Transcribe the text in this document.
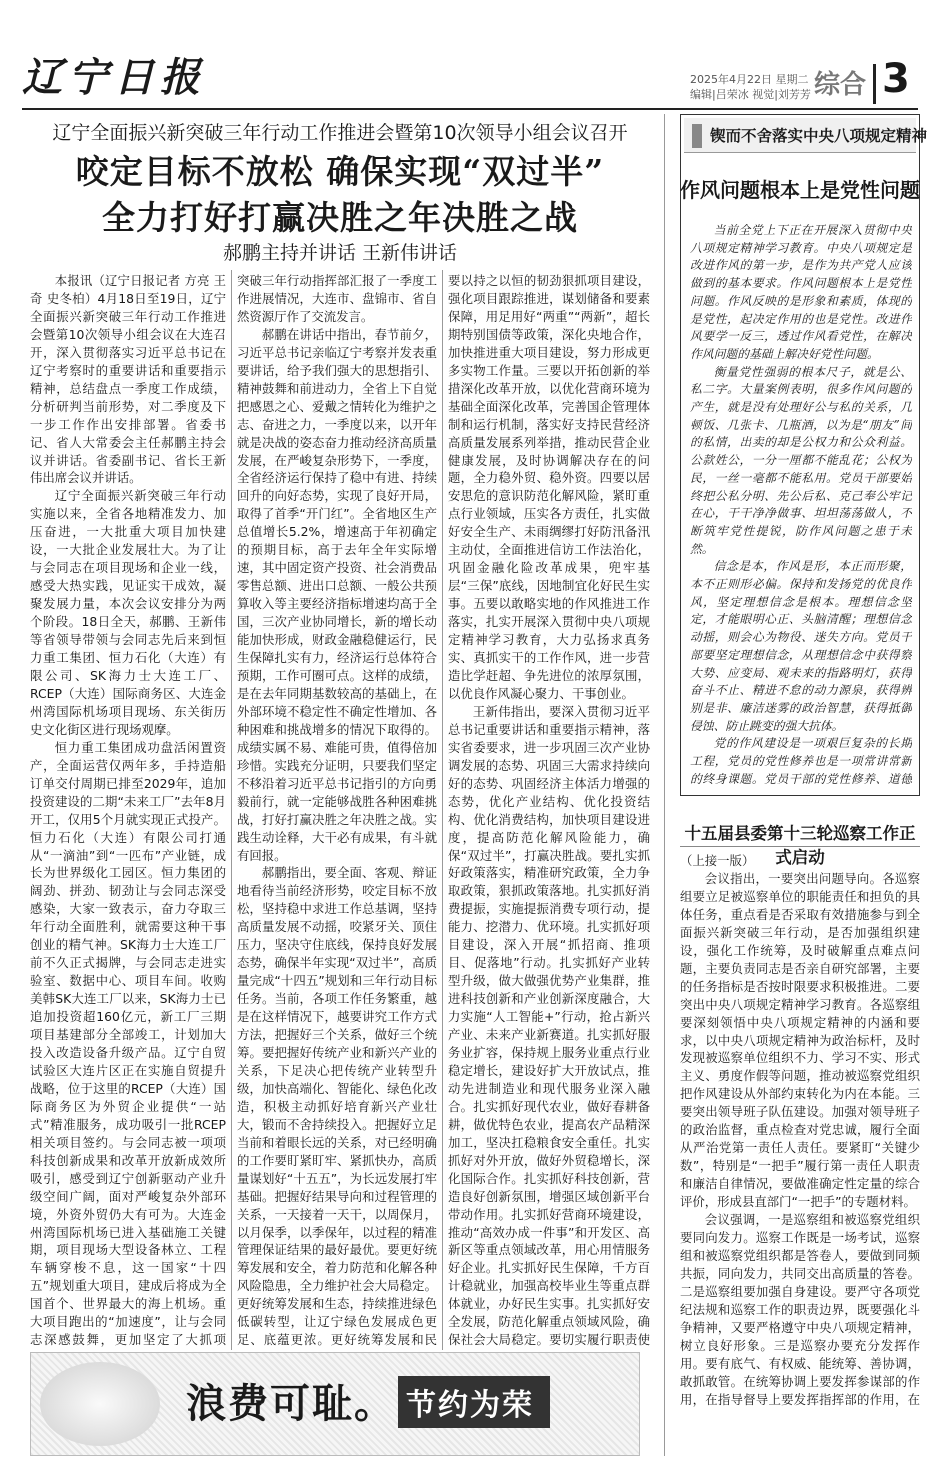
辽宁日报	2025年4月22日 星期二
编辑|吕荣冰 视觉|刘芳芳 综合 3
辽宁全面振兴新突破三年行动工作推进会暨第10次领导小组会议召开
咬定目标不放松 确保实现“双过半”
全力打好打赢决胜之年决胜之战
郝鹏主持并讲话 王新伟讲话

本报讯（辽宁日报记者 方亮 王奇 史冬柏）4月18日至19日，辽宁全面振兴新突破三年行动工作推进会暨第10次领导小组会议在大连召开，深入贯彻落实习近平总书记在辽宁考察时的重要讲话和重要指示精神，总结盘点一季度工作成绩，分析研判当前形势，对二季度及下一步工作作出安排部署。省委书记、省人大常委会主任郝鹏主持会议并讲话。省委副书记、省长王新伟出席会议并讲话。

辽宁全面振兴新突破三年行动实施以来，全省各地精准发力、加压奋进，一大批重大项目加快建设，一大批企业发展壮大。为了让与会同志在项目现场和企业一线，感受大热实践，见证实干成效，凝聚发展力量，本次会议安排分为两个阶段。18日全天，郝鹏、王新伟等省领导带领与会同志先后来到恒力重工集团、恒力石化（大连）有限公司、SK海力士大连工厂、RCEP（大连）国际商务区、大连金州湾国际机场项目现场、东关街历史文化街区进行现场观摩。

恒力重工集团成功盘活闲置资产，全面运营仅两年多，手持造船订单交付周期已排至2029年，追加投资建设的二期“未来工厂”去年8月开工，仅用5个月就实现正式投产。恒力石化（大连）有限公司打通从“一滴油”到“一匹布”产业链，成长为世界级化工园区。恒力集团的阔劲、拼劲、韧劲让与会同志深受感染，大家一致表示，奋力夺取三年行动全面胜利，就需要这种干事创业的精气神。SK海力士大连工厂前不久正式揭牌，与会同志走进实验室、数据中心、项目车间。收购美韩SK大连工厂以来，SK海力士已追加投资超160亿元，新工厂三期项目基建部分全部竣工，计划加大投入改造设备升级产品。辽宁自贸试验区大连片区正在实施自贸提升战略，位于这里的RCEP（大连）国际商务区为外贸企业提供“一站式”精准服务，成功吸引一批RCEP相关项目签约。与会同志被一项项科技创新成果和改革开放新成效所吸引，感受到辽宁创新驱动产业升级空间广阔，面对严峻复杂外部环境，外资外贸仍大有可为。大连金州湾国际机场已进入基础施工关键期，项目现场大型设备林立、工程车辆穿梭不息，这一国家“十四五”规划重大项目，建成后将成为全国首个、世界最大的海上机场。重大项目跑出的“加速度”，让与会同志深感鼓舞，更加坚定了大抓项

突破三年行动指挥部汇报了一季度工作进展情况，大连市、盘锦市、省自然资源厅作了交流发言。

郝鹏在讲话中指出，春节前夕，习近平总书记亲临辽宁考察并发表重要讲话，给予我们强大的思想指引、精神鼓舞和前进动力，全省上下自觉把感恩之心、爱戴之情转化为维护之志、奋进之力，一季度以来，以开年就是决战的姿态奋力推动经济高质量发展，在严峻复杂形势下，一季度，全省经济运行保持了稳中有进、持续回升的向好态势，实现了良好开局，取得了首季“开门红”。全省地区生产总值增长5.2%，增速高于年初确定的预期目标，高于去年全年实际增速，其中固定资产投资、社会消费品零售总额、进出口总额、一般公共预算收入等主要经济指标增速均高于全国，三次产业协同增长，新的增长动能加快形成，财政金融稳健运行，民生保障扎实有力，经济运行总体符合预期，工作可圈可点。这样的成绩，是在去年同期基数较高的基础上，在外部环境不稳定性不确定性增加、各种困难和挑战增多的情况下取得的。成绩实属不易、难能可贵，值得倍加珍惜。实践充分证明，只要我们坚定不移沿着习近平总书记指引的方向勇毅前行，就一定能够战胜各种困难挑战，打好打赢决胜之年决胜之战。实践生动诠释，大干必有成果，有斗就有回报。

郝鹏指出，要全面、客观、辩证地看待当前经济形势，咬定目标不放松，坚持稳中求进工作总基调，坚持高质量发展不动摇，咬紧牙关、顶住压力，坚决守住底线，保持良好发展态势，确保半年实现“双过半”，高质量完成“十四五”规划和三年行动目标任务。当前，各项工作任务繁重，越是在这样情况下，越要讲究工作方式方法，把握好三个关系，做好三个统筹。要把握好传统产业和新兴产业的关系，下足决心把传统产业转型升级，加快高端化、智能化、绿色化改造，积极主动抓好培育新兴产业壮大，锻而不舍持续投入。把握好立足当前和着眼长远的关系，对已经明确的工作要盯紧盯牢、紧抓快办，高质量谋划好“十五五”，为长远发展打牢基础。把握好结果导向和过程管理的关系，一天接着一天干，以周保月，以月保季，以季保年，以过程的精准管理保证结果的最好最优。要更好统筹发展和安全，着力防范和化解各种风险隐患，全力维护社会大局稳定。更好统筹发展和生态，持续推进绿色低碳转型，让辽宁绿色发展成色更足、底蕴更浓。更好统筹发展和民

要以持之以恒的韧劲狠抓项目建设，强化项目跟踪推进，谋划储备和要素保障，用足用好“两重”“两新”，超长期特别国债等政策，深化央地合作，加快推进重大项目建设，努力形成更多实物工作量。三要以开拓创新的举措深化改革开放，以优化营商环境为基础全面深化改革，完善国企管理体制和运行机制，落实好支持民营经济高质量发展系列举措，推动民营企业健康发展，及时协调解决存在的问题，全力稳外贸、稳外资。四要以居安思危的意识防范化解风险，紧盯重点行业领域，压实各方责任，扎实做好安全生产、未雨绸缪打好防汛备汛主动仗，全面推进信访工作法治化，巩固金融化险改革成果，兜牢基层“三保”底线，因地制宜化好民生实事。五要以敢略实地的作风推进工作落实，扎实开展深入贯彻中央八项规定精神学习教育，大力弘扬求真务实、真抓实干的工作作风，进一步营造比学赶超、争先进位的浓厚氛围，以优良作风凝心聚力、干事创业。

王新伟指出，要深入贯彻习近平总书记重要讲话和重要指示精神，落实省委要求，进一步巩固三次产业协调发展的态势、巩固三大需求持续向好的态势、巩固经济主体活力增强的态势，优化产业结构、优化投资结构、优化消费结构，加快项目建设进度，提高防范化解风险能力，确保“双过半”，打赢决胜战。要扎实抓好政策落实，精准研究政策，全力争取政策，狠抓政策落地。扎实抓好消费提振，实施提振消费专项行动，提能力、挖潜力、优环境。扎实抓好项目建设，深入开展“抓招商、推项目、促落地”行动。扎实抓好产业转型升级，做大做强优势产业集群，推进科技创新和产业创新深度融合，大力实施“人工智能+”行动，抢占新兴产业、未来产业新赛道。扎实抓好服务业扩容，保持规上服务业重点行业稳定增长，建设好扩大开放试点，推动先进制造业和现代服务业深入融合。扎实抓好现代农业，做好春耕备耕，做优特色农业，提高农产品精深加工，坚决扛稳粮食安全重任。扎实抓好对外开放，做好外贸稳增长，深化国际合作。扎实抓好科技创新，营造良好创新氛围，增强区域创新平台带动作用。扎实抓好营商环境建设，推动“高效办成一件事”和开发区、高新区等重点领域改革，用心用情服务好企业。扎实抓好民生保障，千方百计稳就业，加强高校毕业生等重点群体就业，办好民生实事。扎实抓好安全发展，防范化解重点领域风险，确保社会大局稳定。要切实履行职责使

锲而不舍落实中央八项规定精神
作风问题根本上是党性问题

当前全党上下正在开展深入贯彻中央八项规定精神学习教育。中央八项规定是改进作风的第一步，是作为共产党人应该做到的基本要求。作风问题根本上是党性问题。作风反映的是形象和素质，体现的是党性，起决定作用的也是党性。改进作风要学一反三，透过作风看党性，在解决作风问题的基础上解决好党性问题。

衡量党性强弱的根本尺子，就是公、私二字。大量案例表明，很多作风问题的产生，就是没有处理好公与私的关系，几顿饭、几张卡、几瓶酒，以为是“朋友”间的私情，出卖的却是公权力和公众利益。公款姓公，一分一厘都不能乱花；公权为民，一丝一毫都不能私用。党员干部要始终把公私分明、先公后私、克己奉公牢记在心，干干净净做事、坦坦荡荡做人，不断筑牢党性提锐，防作风问题之患于未然。

信念是本，作风是形，本正而形聚，本不正则形必偏。保持和发扬党的优良作风，坚定理想信念是根本。理想信念坚定，才能眼明心正、头脑清醒；理想信念动摇，则会心为物役、迷失方向。党员干部要坚定理想信念，从理想信念中获得察大势、应变局、观未来的指路明灯，获得奋斗不止、精进不怠的动力源泉，获得辨别是非、廉洁迷雾的政治智慧，获得抵御侵蚀、防止跳变的强大抗体。

党的作风建设是一项艰巨复杂的长期工程，党员的党性修养也是一项常讲常新的终身课题。党员干部的党性修养、道德

十五届县委第十三轮巡察工作正式启动

（上接一版）

会议指出，一要突出问题导向。各巡察组要立足被巡察单位的职能责任和担负的具体任务，重点看是否采取有效措施参与到全面振兴新突破三年行动，是否加强组织建设，强化工作统筹，及时破解重点难点问题，主要负责同志是否亲自研究部署，主要的任务指标是否按时限要求积极推进。二要突出中央八项规定精神学习教育。各巡察组要深刻领悟中央八项规定精神的内涵和要求，以中央八项规定精神为政治标杆，及时发现被巡察单位组织不力、学习不实、形式主义、勇度作假等问题，推动被巡察党组织把作风建设从外部约束转化为内在本能。三要突出领导班子队伍建设。加强对领导班子的政治监督，重点检查对党忠诚，履行全面从严治党第一责任人责任。要紧盯“关键少数”，特别是“一把手”履行第一责任人职责和廉洁自律情况，要做准确定性定量的综合评价，形成县直部门“一把手”的专题材料。

会议强调，一是巡察组和被巡察党组织要同向发力。巡察工作既是一场考试，巡察组和被巡察党组织都是答卷人，要做到同频共振，同向发力，共同交出高质量的答卷。二是巡察组要加强自身建设。要严守各项党纪法规和巡察工作的职责边界，既要强化斗争精神，又要严格遵守中央八项规定精神，树立良好形象。三是巡察办要充分发挥作用。要有底气、有权威、能统筹、善协调，敢抓敢管。在统筹协调上要发挥参谋部的作用，在指导督导上要发挥指挥部的作用，在

浪费可耻。 节约为荣
